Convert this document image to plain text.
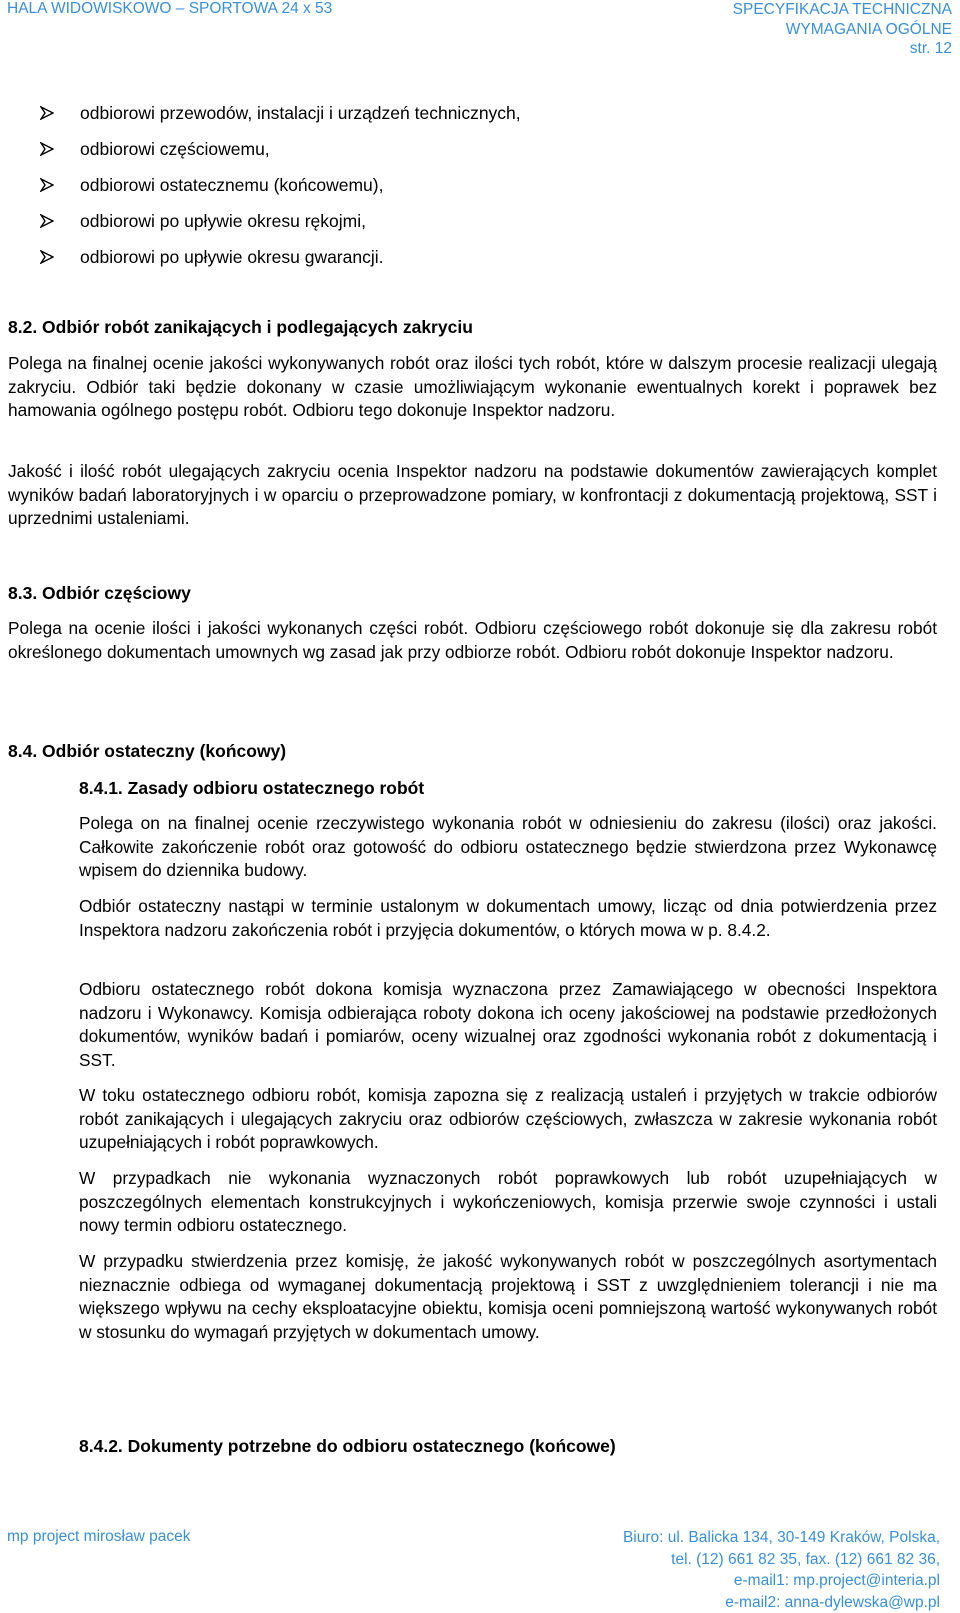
HALA WIDOWISKOWO – SPORTOWA 24 x 53	SPECYFIKACJA TECHNICZNA
WYMAGANIA OGÓLNE
str. 12
odbiorowi przewodów, instalacji i urządzeń technicznych,
odbiorowi częściowemu,
odbiorowi ostatecznemu (końcowemu),
odbiorowi po upływie okresu rękojmi,
odbiorowi po upływie okresu gwarancji.
8.2. Odbiór robót zanikających i podlegających zakryciu

Polega na finalnej ocenie jakości wykonywanych robót oraz ilości tych robót, które w dalszym procesie realizacji ulegają zakryciu. Odbiór taki będzie dokonany w czasie umożliwiającym wykonanie ewentualnych korekt i poprawek bez hamowania ogólnego postępu robót. Odbioru tego dokonuje Inspektor nadzoru.

Jakość i ilość robót ulegających zakryciu ocenia Inspektor nadzoru na podstawie dokumentów zawierających komplet wyników badań laboratoryjnych i w oparciu o przeprowadzone pomiary, w konfrontacji z dokumentacją projektową, SST i uprzednimi ustaleniami.

8.3. Odbiór częściowy

Polega na ocenie ilości i jakości wykonanych części robót. Odbioru częściowego robót dokonuje się dla zakresu robót określonego dokumentach umownych wg zasad jak przy odbiorze robót. Odbioru robót dokonuje Inspektor nadzoru.

8.4. Odbiór ostateczny (końcowy)
8.4.1. Zasady odbioru ostatecznego robót

Polega on na finalnej ocenie rzeczywistego wykonania robót w odniesieniu do zakresu (ilości) oraz jakości. Całkowite zakończenie robót oraz gotowość do odbioru ostatecznego będzie stwierdzona przez Wykonawcę wpisem do dziennika budowy.

Odbiór ostateczny nastąpi w terminie ustalonym w dokumentach umowy, licząc od dnia potwierdzenia przez Inspektora nadzoru zakończenia robót i przyjęcia dokumentów, o których mowa w p. 8.4.2.

Odbioru ostatecznego robót dokona komisja wyznaczona przez Zamawiającego w obecności Inspektora nadzoru i Wykonawcy. Komisja odbierająca roboty dokona ich oceny jakościowej na podstawie przedłożonych dokumentów, wyników badań i pomiarów, oceny wizualnej oraz zgodności wykonania robót z dokumentacją i SST.

W toku ostatecznego odbioru robót, komisja zapozna się z realizacją ustaleń i przyjętych w trakcie odbiorów robót zanikających i ulegających zakryciu oraz odbiorów częściowych, zwłaszcza w zakresie wykonania robót uzupełniających i robót poprawkowych.

W przypadkach nie wykonania wyznaczonych robót poprawkowych lub robót uzupełniających w poszczególnych elementach konstrukcyjnych i wykończeniowych, komisja przerwie swoje czynności i ustali nowy termin odbioru ostatecznego.

W przypadku stwierdzenia przez komisję, że jakość wykonywanych robót w poszczególnych asortymentach nieznacznie odbiega od wymaganej dokumentacją projektową i SST z uwzględnieniem tolerancji i nie ma większego wpływu na cechy eksploatacyjne obiektu, komisja oceni pomniejszoną wartość wykonywanych robót w stosunku do wymagań przyjętych w dokumentach umowy.

8.4.2. Dokumenty potrzebne do odbioru ostatecznego (końcowe)
mp project mirosław pacek	Biuro: ul. Balicka 134, 30-149 Kraków, Polska,
tel. (12) 661 82 35, fax. (12) 661 82 36,
e-mail1: mp.project@interia.pl
e-mail2: anna-dylewska@wp.pl
